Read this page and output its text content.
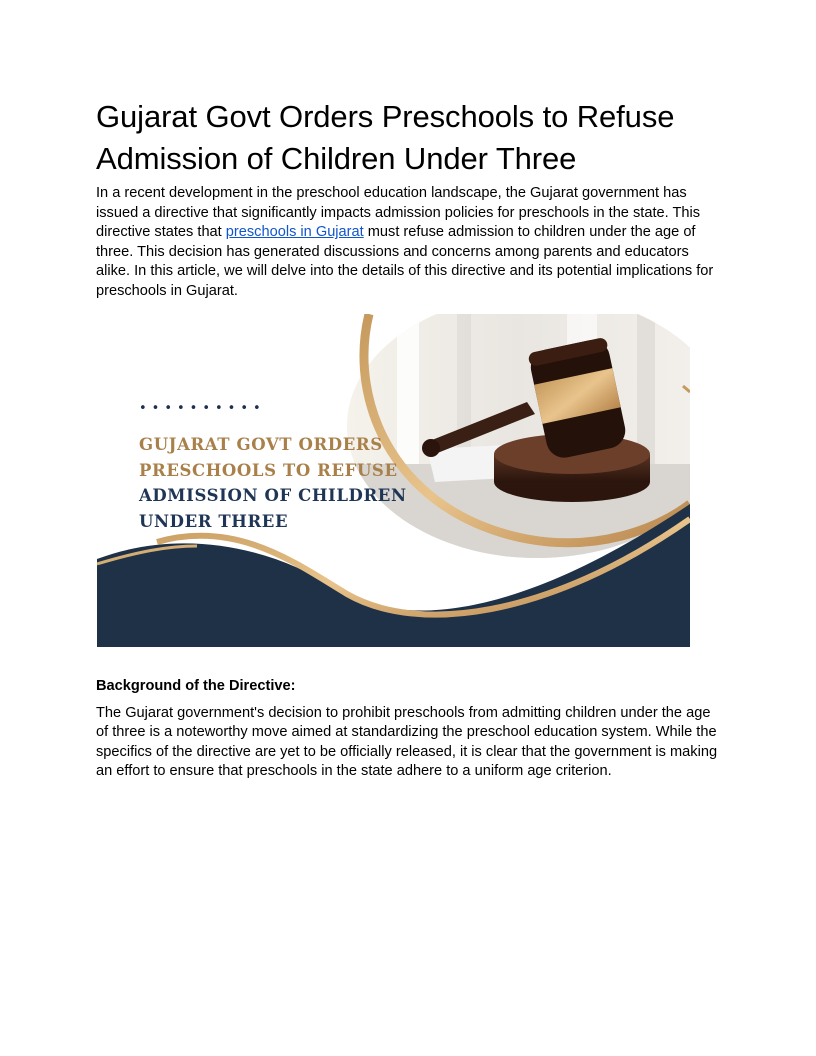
Gujarat Govt Orders Preschools to Refuse Admission of Children Under Three

In a recent development in the preschool education landscape, the Gujarat government has issued a directive that significantly impacts admission policies for preschools in the state. This directive states that preschools in Gujarat must refuse admission to children under the age of three. This decision has generated discussions and concerns among parents and educators alike. In this article, we will delve into the details of this directive and its potential implications for preschools in Gujarat.

••••••••••
GUJARAT GOVT ORDERS
PRESCHOOLS TO REFUSE
ADMISSION OF CHILDREN
UNDER THREE
Background of the Directive:

The Gujarat government's decision to prohibit preschools from admitting children under the age of three is a noteworthy move aimed at standardizing the preschool education system. While the specifics of the directive are yet to be officially released, it is clear that the government is making an effort to ensure that preschools in the state adhere to a uniform age criterion.
